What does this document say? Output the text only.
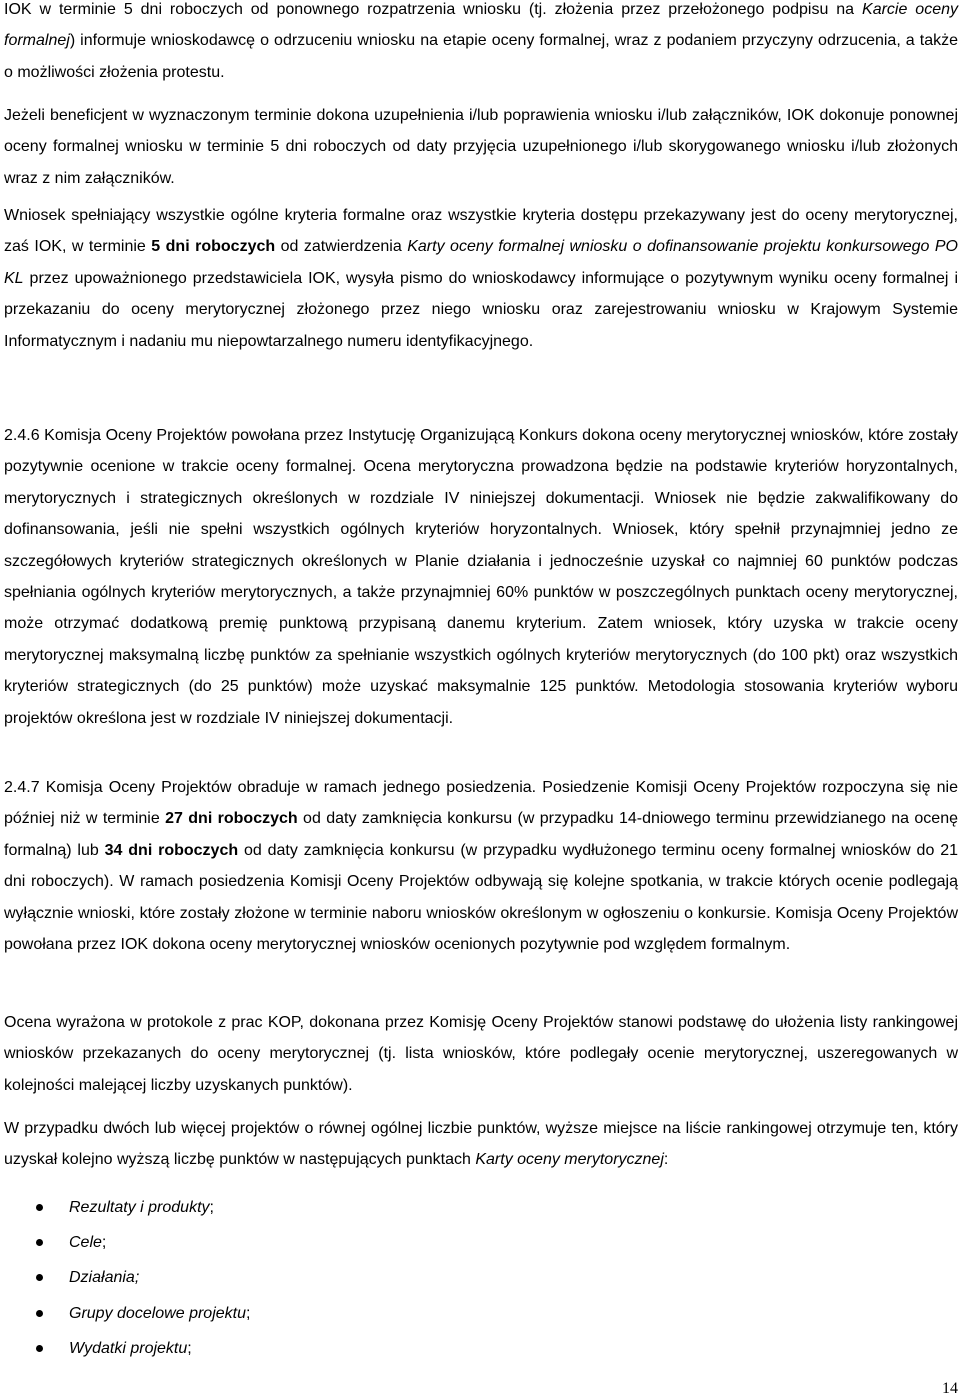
IOK w terminie 5 dni roboczych od ponownego rozpatrzenia wniosku (tj. złożenia przez przełożonego podpisu na Karcie oceny formalnej) informuje wnioskodawcę o odrzuceniu wniosku na etapie oceny formalnej, wraz z podaniem przyczyny odrzucenia, a także o możliwości złożenia protestu.

Jeżeli beneficjent w wyznaczonym terminie dokona uzupełnienia i/lub poprawienia wniosku i/lub załączników, IOK dokonuje ponownej oceny formalnej wniosku w terminie 5 dni roboczych od daty przyjęcia uzupełnionego i/lub skorygowanego wniosku i/lub złożonych wraz z nim załączników.

Wniosek spełniający wszystkie ogólne kryteria formalne oraz wszystkie kryteria dostępu przekazywany jest do oceny merytorycznej, zaś IOK, w terminie 5 dni roboczych od zatwierdzenia Karty oceny formalnej wniosku o dofinansowanie projektu konkursowego PO KL przez upoważnionego przedstawiciela IOK, wysyła pismo do wnioskodawcy informujące o pozytywnym wyniku oceny formalnej i przekazaniu do oceny merytorycznej złożonego przez niego wniosku oraz zarejestrowaniu wniosku w Krajowym Systemie Informatycznym i nadaniu mu niepowtarzalnego numeru identyfikacyjnego.

2.4.6 Komisja Oceny Projektów powołana przez Instytucję Organizującą Konkurs dokona oceny merytorycznej wniosków, które zostały pozytywnie ocenione w trakcie oceny formalnej. Ocena merytoryczna prowadzona będzie na podstawie kryteriów horyzontalnych, merytorycznych i strategicznych określonych w rozdziale IV niniejszej dokumentacji. Wniosek nie będzie zakwalifikowany do dofinansowania, jeśli nie spełni wszystkich ogólnych kryteriów horyzontalnych. Wniosek, który spełnił przynajmniej jedno ze szczegółowych kryteriów strategicznych określonych w Planie działania i jednocześnie uzyskał co najmniej 60 punktów podczas spełniania ogólnych kryteriów merytorycznych, a także przynajmniej 60% punktów w poszczególnych punktach oceny merytorycznej, może otrzymać dodatkową premię punktową przypisaną danemu kryterium. Zatem wniosek, który uzyska w trakcie oceny merytorycznej maksymalną liczbę punktów za spełnianie wszystkich ogólnych kryteriów merytorycznych (do 100 pkt) oraz wszystkich kryteriów strategicznych (do 25 punktów) może uzyskać maksymalnie 125 punktów. Metodologia stosowania kryteriów wyboru projektów określona jest w rozdziale IV niniejszej dokumentacji.

2.4.7 Komisja Oceny Projektów obraduje w ramach jednego posiedzenia. Posiedzenie Komisji Oceny Projektów rozpoczyna się nie później niż w terminie 27 dni roboczych od daty zamknięcia konkursu (w przypadku 14-dniowego terminu przewidzianego na ocenę formalną) lub 34 dni roboczych od daty zamknięcia konkursu (w przypadku wydłużonego terminu oceny formalnej wniosków do 21 dni roboczych). W ramach posiedzenia Komisji Oceny Projektów odbywają się kolejne spotkania, w trakcie których ocenie podlegają wyłącznie wnioski, które zostały złożone w terminie naboru wniosków określonym w ogłoszeniu o konkursie. Komisja Oceny Projektów powołana przez IOK dokona oceny merytorycznej wniosków ocenionych pozytywnie pod względem formalnym.

Ocena wyrażona w protokole z prac KOP, dokonana przez Komisję Oceny Projektów stanowi podstawę do ułożenia listy rankingowej wniosków przekazanych do oceny merytorycznej (tj. lista wniosków, które podlegały ocenie merytorycznej, uszeregowanych w kolejności malejącej liczby uzyskanych punktów).

W przypadku dwóch lub więcej projektów o równej ogólnej liczbie punktów, wyższe miejsce na liście rankingowej otrzymuje ten, który uzyskał kolejno wyższą liczbę punktów w następujących punktach Karty oceny merytorycznej:

Rezultaty i produkty;
Cele;
Działania;
Grupy docelowe projektu;
Wydatki projektu;
14
